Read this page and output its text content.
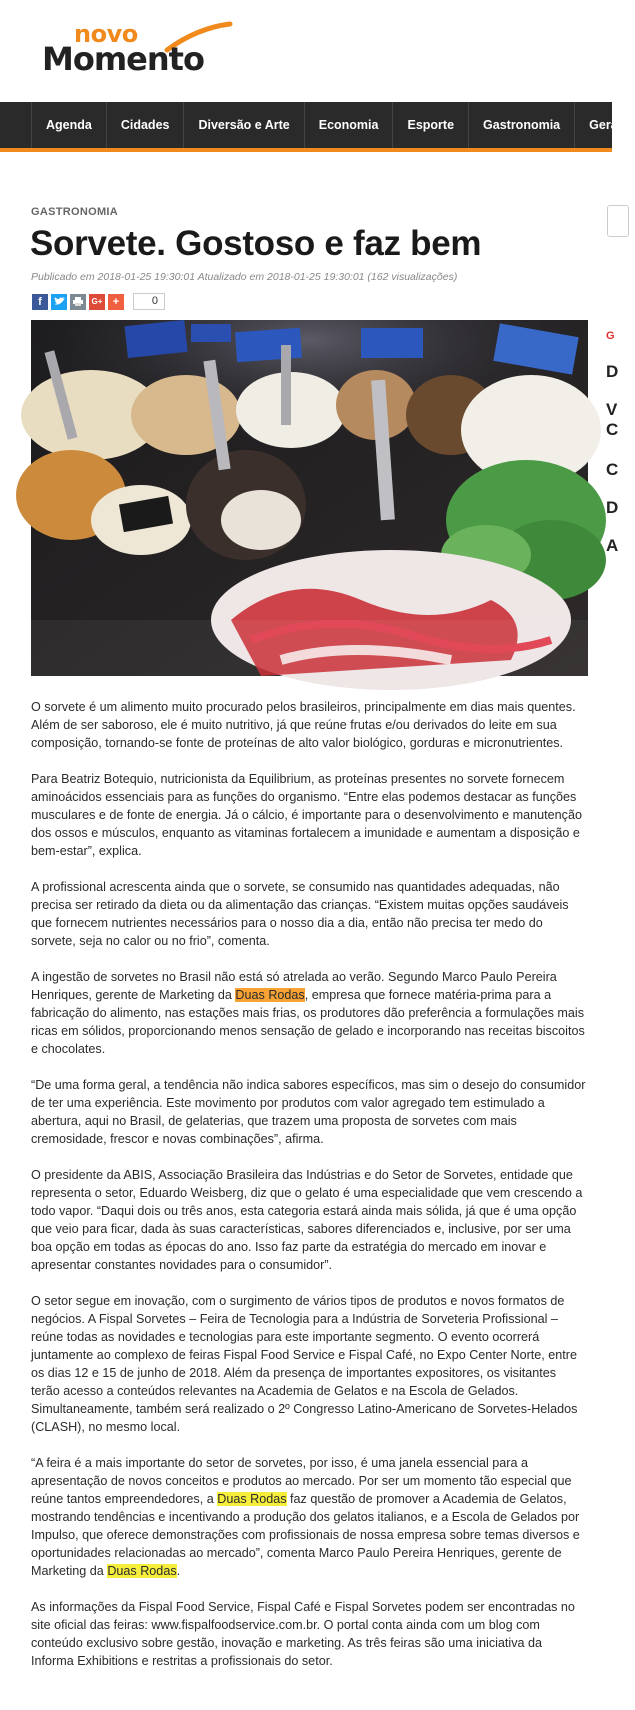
novo
Momento
Agenda	Cidades	Diversão e Arte	Economia	Esporte	Gastronomia	Geral
GASTRONOMIA
Sorvete. Gostoso e faz bem
Publicado em 2018-01-25 19:30:01 Atualizado em 2018-01-25 19:30:01 (162 visualizações)
f	G+ +	0

O sorvete é um alimento muito procurado pelos brasileiros, principalmente em dias mais quentes. Além de ser saboroso, ele é muito nutritivo, já que reúne frutas e/ou derivados do leite em sua composição, tornando-se fonte de proteínas de alto valor biológico, gorduras e micronutrientes.

Para Beatriz Botequio, nutricionista da Equilibrium, as proteínas presentes no sorvete fornecem aminoácidos essenciais para as funções do organismo. “Entre elas podemos destacar as funções musculares e de fonte de energia. Já o cálcio, é importante para o desenvolvimento e manutenção dos ossos e músculos, enquanto as vitaminas fortalecem a imunidade e aumentam a disposição e bem-estar”, explica.

A profissional acrescenta ainda que o sorvete, se consumido nas quantidades adequadas, não precisa ser retirado da dieta ou da alimentação das crianças. “Existem muitas opções saudáveis que fornecem nutrientes necessários para o nosso dia a dia, então não precisa ter medo do sorvete, seja no calor ou no frio”, comenta.

A ingestão de sorvetes no Brasil não está só atrelada ao verão. Segundo Marco Paulo Pereira Henriques, gerente de Marketing da Duas Rodas, empresa que fornece matéria-prima para a fabricação do alimento, nas estações mais frias, os produtores dão preferência a formulações mais ricas em sólidos, proporcionando menos sensação de gelado e incorporando nas receitas biscoitos e chocolates.

“De uma forma geral, a tendência não indica sabores específicos, mas sim o desejo do consumidor de ter uma experiência. Este movimento por produtos com valor agregado tem estimulado a abertura, aqui no Brasil, de gelaterias, que trazem uma proposta de sorvetes com mais cremosidade, frescor e novas combinações”, afirma.

O presidente da ABIS, Associação Brasileira das Indústrias e do Setor de Sorvetes, entidade que representa o setor, Eduardo Weisberg, diz que o gelato é uma especialidade que vem crescendo a todo vapor. “Daqui dois ou três anos, esta categoria estará ainda mais sólida, já que é uma opção que veio para ficar, dada às suas características, sabores diferenciados e, inclusive, por ser uma boa opção em todas as épocas do ano. Isso faz parte da estratégia do mercado em inovar e apresentar constantes novidades para o consumidor”.

O setor segue em inovação, com o surgimento de vários tipos de produtos e novos formatos de negócios. A Fispal Sorvetes – Feira de Tecnologia para a Indústria de Sorveteria Profissional – reúne todas as novidades e tecnologias para este importante segmento. O evento ocorrerá juntamente ao complexo de feiras Fispal Food Service e Fispal Café, no Expo Center Norte, entre os dias 12 e 15 de junho de 2018. Além da presença de importantes expositores, os visitantes terão acesso a conteúdos relevantes na Academia de Gelatos e na Escola de Gelados. Simultaneamente, também será realizado o 2º Congresso Latino-Americano de Sorvetes-Helados (CLASH), no mesmo local.

“A feira é a mais importante do setor de sorvetes, por isso, é uma janela essencial para a apresentação de novos conceitos e produtos ao mercado. Por ser um momento tão especial que reúne tantos empreendedores, a Duas Rodas faz questão de promover a Academia de Gelatos, mostrando tendências e incentivando a produção dos gelatos italianos, e a Escola de Gelados por Impulso, que oferece demonstrações com profissionais de nossa empresa sobre temas diversos e oportunidades relacionadas ao mercado”, comenta Marco Paulo Pereira Henriques, gerente de Marketing da Duas Rodas.

As informações da Fispal Food Service, Fispal Café e Fispal Sorvetes podem ser encontradas no site oficial das feiras: www.fispalfoodservice.com.br. O portal conta ainda com um blog com conteúdo exclusivo sobre gestão, inovação e marketing. As três feiras são uma iniciativa da Informa Exhibitions e restritas a profissionais do setor.

G
D
V
C
C
D
A
